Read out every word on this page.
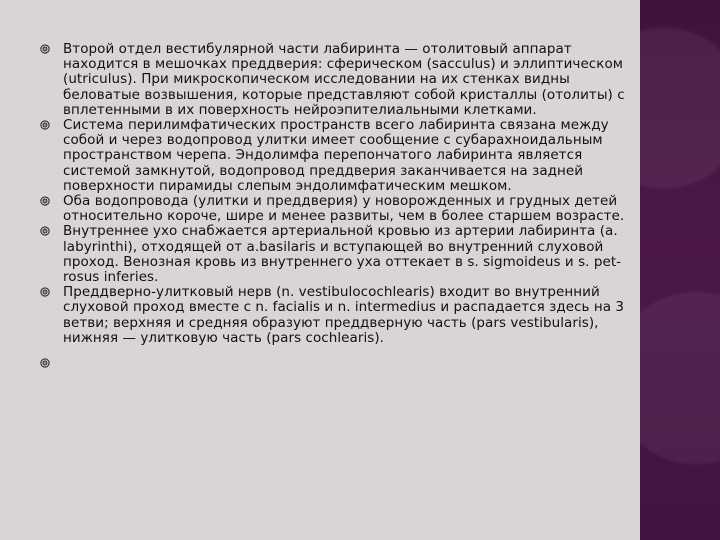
Второй отдел вестибулярной части лабиринта — отолитовый аппарат находится в мешочках преддверия: сферическом (sacculus) и эллиптическом (utriculus). При микроскопическом исследовании на их стенках видны беловатые возвышения, которые представляют собой кристаллы (отолиты) с вплетенными в их поверхность нейроэпителиальными клетками.
Система перилимфатических пространств всего лабиринта связана между собой и через водопровод улитки имеет сообщение с субарахноидальным пространством черепа. Эндолимфа перепончатого лабиринта является системой замкнутой, водопровод преддверия заканчивается на задней поверхности пирамиды слепым эндолимфатическим мешком.
Оба водопровода (улитки и преддверия) у новорожденных и грудных детей относительно короче, шире и менее развиты, чем в более старшем возрасте.
Внутреннее ухо снабжается артериальной кровью из артерии лабиринта (a. labyrinthi), отходящей от a.basilaris и вступающей во внутренний слуховой проход. Венозная кровь из внутреннего уха оттекает в s. sigmoideus и s. pet-rosus inferies.
Преддверно-улитковый нерв (n. vestibulocochlearis) входит во внутренний слуховой проход вместе с n. facialis и n. intermedius и распадается здесь на 3 ветви; верхняя и средняя образуют преддверную часть (pars vestibularis), нижняя — улитковую часть (pars cochlearis).
